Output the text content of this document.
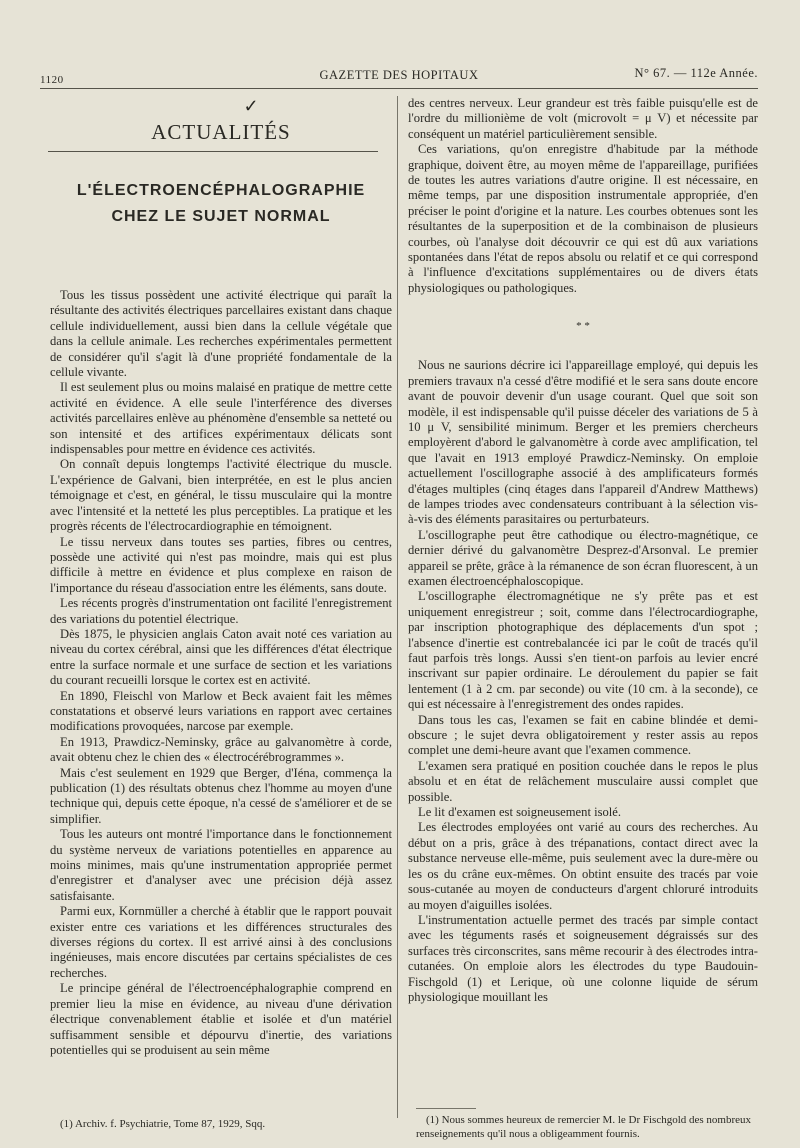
1120	GAZETTE DES HOPITAUX	N° 67. — 112e Année.
✓
ACTUALITÉS
L'ÉLECTROENCÉPHALOGRAPHIE
CHEZ LE SUJET NORMAL

Tous les tissus possèdent une activité électrique qui paraît la résultante des activités électriques parcellaires existant dans chaque cellule individuellement, aussi bien dans la cellule végétale que dans la cellule animale. Les recherches expérimentales permettent de considérer qu'il s'agit là d'une propriété fondamentale de la cellule vivante.

Il est seulement plus ou moins malaisé en pratique de mettre cette activité en évidence. A elle seule l'interférence des diverses activités parcellaires enlève au phénomène d'ensemble sa netteté ou son intensité et des artifices expérimentaux délicats sont indispensables pour mettre en évidence ces activités.

On connaît depuis longtemps l'activité électrique du muscle. L'expérience de Galvani, bien interprétée, en est le plus ancien témoignage et c'est, en général, le tissu musculaire qui la montre avec l'intensité et la netteté les plus perceptibles. La pratique et les progrès récents de l'électrocardiographie en témoignent.

Le tissu nerveux dans toutes ses parties, fibres ou centres, possède une activité qui n'est pas moindre, mais qui est plus difficile à mettre en évidence et plus complexe en raison de l'importance du réseau d'association entre les éléments, sans doute.

Les récents progrès d'instrumentation ont facilité l'enregistrement des variations du potentiel électrique.

Dès 1875, le physicien anglais Caton avait noté ces variation au niveau du cortex cérébral, ainsi que les différences d'état électrique entre la surface normale et une surface de section et les variations du courant recueilli lorsque le cortex est en activité.

En 1890, Fleischl von Marlow et Beck avaient fait les mêmes constatations et observé leurs variations en rapport avec certaines modifications provoquées, narcose par exemple.

En 1913, Prawdicz-Neminsky, grâce au galvanomètre à corde, avait obtenu chez le chien des « électrocérébrogrammes ».

Mais c'est seulement en 1929 que Berger, d'Iéna, commença la publication (1) des résultats obtenus chez l'homme au moyen d'une technique qui, depuis cette époque, n'a cessé de s'améliorer et de se simplifier.

Tous les auteurs ont montré l'importance dans le fonctionnement du système nerveux de variations potentielles en apparence au moins minimes, mais qu'une instrumentation appropriée permet d'enregistrer et d'analyser avec une précision déjà assez satisfaisante.

Parmi eux, Kornmüller a cherché à établir que le rapport pouvait exister entre ces variations et les différences structurales des diverses régions du cortex. Il est arrivé ainsi à des conclusions ingénieuses, mais encore discutées par certains spécialistes de ces recherches.

Le principe général de l'électroencéphalographie comprend en premier lieu la mise en évidence, au niveau d'une dérivation électrique convenablement établie et isolée et d'un matériel suffisamment sensible et dépourvu d'inertie, des variations potentielles qui se produisent au sein même

(1) Archiv. f. Psychiatrie, Tome 87, 1929, Sqq.

des centres nerveux. Leur grandeur est très faible puisqu'elle est de l'ordre du millionième de volt (microvolt = μ V) et nécessite par conséquent un matériel particulièrement sensible.

Ces variations, qu'on enregistre d'habitude par la méthode graphique, doivent être, au moyen même de l'appareillage, purifiées de toutes les autres variations d'autre origine. Il est nécessaire, en même temps, par une disposition instrumentale appropriée, d'en préciser le point d'origine et la nature. Les courbes obtenues sont les résultantes de la superposition et de la combinaison de plusieurs courbes, où l'analyse doit découvrir ce qui est dû aux variations spontanées dans l'état de repos absolu ou relatif et ce qui correspond à l'influence d'excitations supplémentaires ou de divers états physiologiques ou pathologiques.

* *

Nous ne saurions décrire ici l'appareillage employé, qui depuis les premiers travaux n'a cessé d'être modifié et le sera sans doute encore avant de pouvoir devenir d'un usage courant. Quel que soit son modèle, il est indispensable qu'il puisse déceler des variations de 5 à 10 μ V, sensibilité minimum. Berger et les premiers chercheurs employèrent d'abord le galvanomètre à corde avec amplification, tel que l'avait en 1913 employé Prawdicz-Neminsky. On emploie actuellement l'oscillographe associé à des amplificateurs formés d'étages multiples (cinq étages dans l'appareil d'Andrew Matthews) de lampes triodes avec condensateurs contribuant à la sélection vis-à-vis des éléments parasitaires ou perturbateurs.

L'oscillographe peut être cathodique ou électro-magnétique, ce dernier dérivé du galvanomètre Desprez-d'Arsonval. Le premier appareil se prête, grâce à la rémanence de son écran fluorescent, à un examen électroencéphaloscopique.

L'oscillographe électromagnétique ne s'y prête pas et est uniquement enregistreur ; soit, comme dans l'électrocardiographe, par inscription photographique des déplacements d'un spot ; l'absence d'inertie est contrebalancée ici par le coût de tracés qu'il faut parfois très longs. Aussi s'en tient-on parfois au levier encré inscrivant sur papier ordinaire. Le déroulement du papier se fait lentement (1 à 2 cm. par seconde) ou vite (10 cm. à la seconde), ce qui est nécessaire à l'enregistrement des ondes rapides.

Dans tous les cas, l'examen se fait en cabine blindée et demi-obscure ; le sujet devra obligatoirement y rester assis au repos complet une demi-heure avant que l'examen commence.

L'examen sera pratiqué en position couchée dans le repos le plus absolu et en état de relâchement musculaire aussi complet que possible.

Le lit d'examen est soigneusement isolé.

Les électrodes employées ont varié au cours des recherches. Au début on a pris, grâce à des trépanations, contact direct avec la substance nerveuse elle-même, puis seulement avec la dure-mère ou les os du crâne eux-mêmes. On obtint ensuite des tracés par voie sous-cutanée au moyen de conducteurs d'argent chloruré introduits au moyen d'aiguilles isolées.

L'instrumentation actuelle permet des tracés par simple contact avec les téguments rasés et soigneusement dégraissés sur des surfaces très circonscrites, sans même recourir à des électrodes intra-cutanées. On emploie alors les électrodes du type Baudouin-Fischgold (1) et Lerique, où une colonne liquide de sérum physiologique mouillant les

(1) Nous sommes heureux de remercier M. le Dr Fischgold des nombreux renseignements qu'il nous a obligeamment fournis.
